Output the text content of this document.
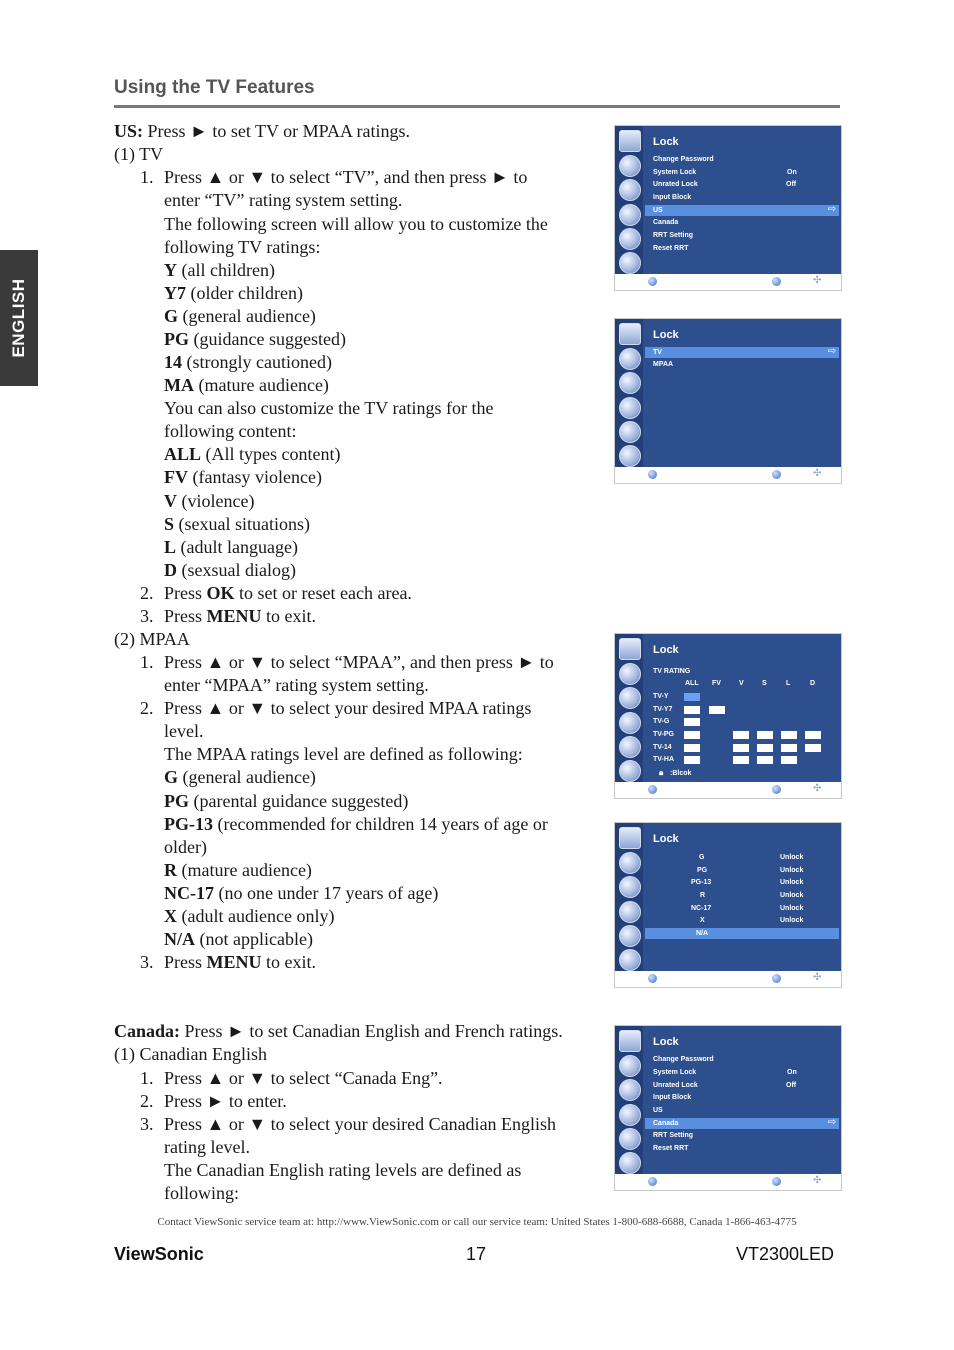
Using the TV Features
ENGLISH
US: Press ► to set TV or MPAA ratings.
(1) TV
1. Press ▲ or ▼ to select “TV”, and then press ► to
enter “TV” rating system setting.
The following screen will allow you to customize the
following TV ratings:
Y (all children)
Y7 (older children)
G (general audience)
PG (guidance suggested)
14 (strongly cautioned)
MA (mature audience)
You can also customize the TV ratings for the
following content:
ALL (All types content)
FV (fantasy violence)
V (violence)
S (sexual situations)
L (adult language)
D (sexsual dialog)
2. Press OK to set or reset each area.
3. Press MENU to exit.
(2) MPAA
1. Press ▲ or ▼ to select “MPAA”, and then press ► to
enter “MPAA” rating system setting.
2. Press ▲ or ▼ to select your desired MPAA ratings
level.
The MPAA ratings level are defined as following:
G (general audience)
PG (parental guidance suggested)
PG-13 (recommended for children 14 years of age or
older)
R (mature audience)
NC-17 (no one under 17 years of age)
X (adult audience only)
N/A (not applicable)
3. Press MENU to exit.
Canada: Press ► to set Canadian English and French ratings.
(1) Canadian English
1. Press ▲ or ▼ to select “Canada Eng”.
2. Press ► to enter.
3. Press ▲ or ▼ to select your desired Canadian English
rating level.
The Canadian English rating levels are defined as
following:
Lock
Change Password
System Lock	On
Unrated Lock	Off
Input Block
⇨
US
Canada
RRT Setting
Reset RRT
✣
Lock
⇨
TV
MPAA
✣
Lock
TV RATING
ALL FV	V	S	L	D
TV-Y
TV-Y7
TV-G
TV-PG
TV-14
TV-HA
🔒︎ :Blcok
✣
Lock
G	Unlock
PG	Unlock
PG-13	Unlock
R	Unlock
NC-17	Unlock
X	Unlock
N/A
✣
Lock
Change Password
System Lock	On
Unrated Lock	Off
Input Block
US
⇨
Canada
RRT Setting
Reset RRT
✣
Contact ViewSonic service team at: http://www.ViewSonic.com or call our service team: United States 1-800-688-6688, Canada 1-866-463-4775
ViewSonic	17	VT2300LED
